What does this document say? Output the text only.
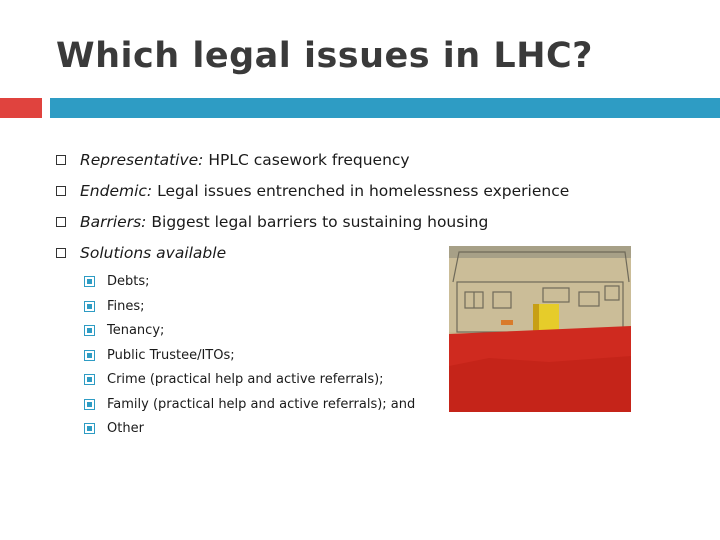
Which legal issues in LHC?
Representative: HPLC casework frequency
Endemic: Legal issues entrenched in homelessness experience
Barriers: Biggest legal barriers to sustaining housing
Solutions available
Debts;
Fines;
Tenancy;
Public Trustee/ITOs;
Crime (practical help and active referrals);
Family (practical help and active referrals); and
Other
